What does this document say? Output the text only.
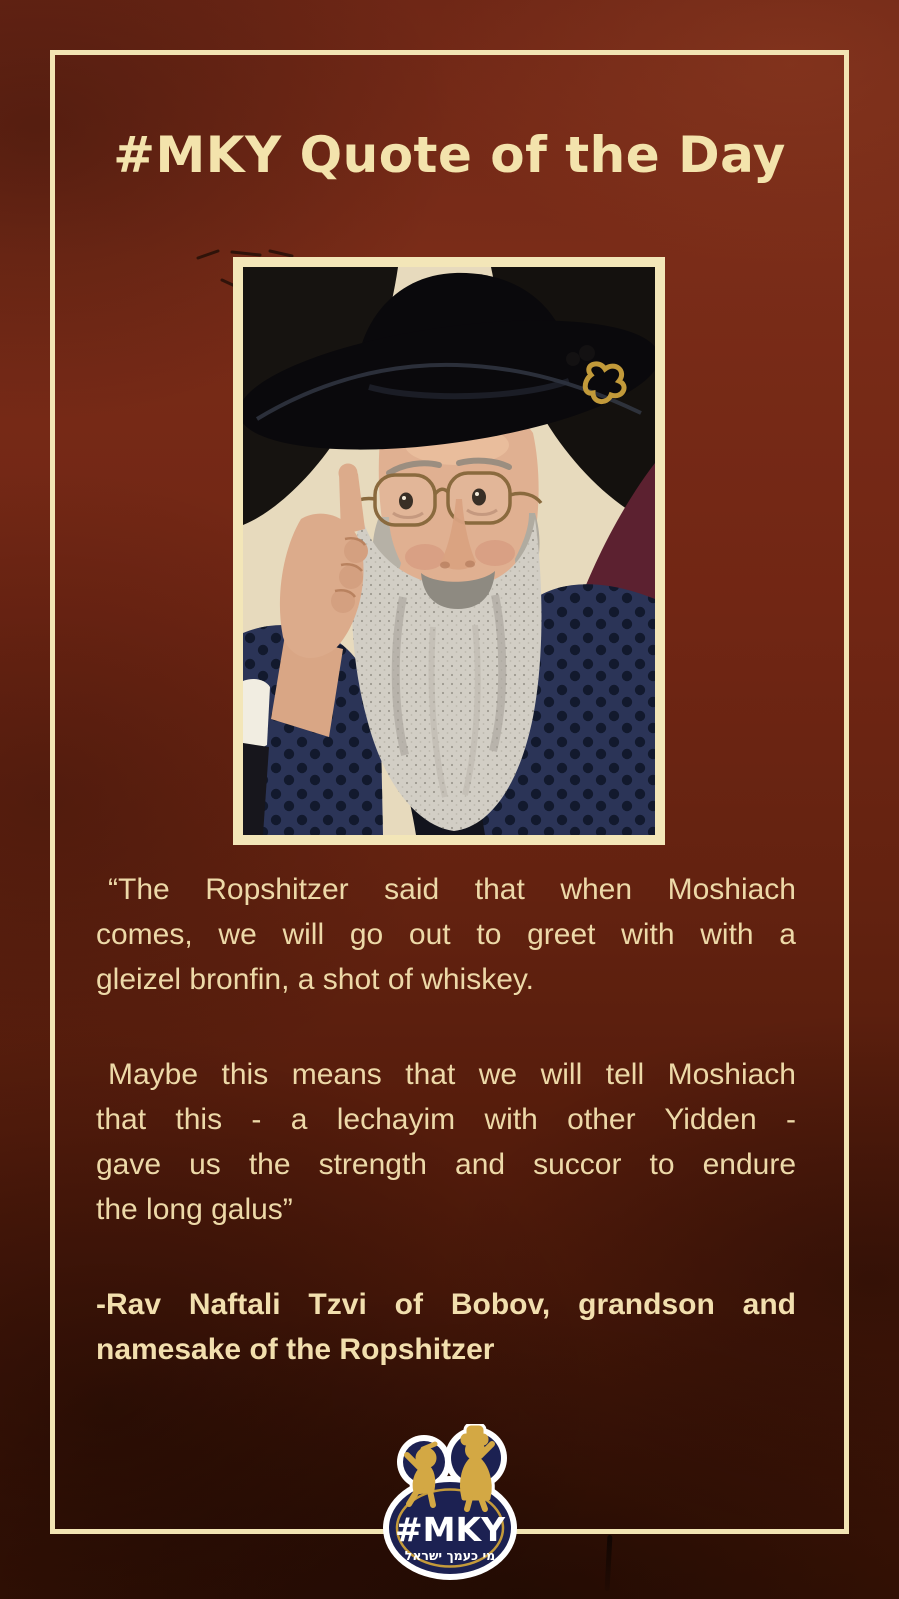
#MKY Quote of the Day

“The Ropshitzer said that when Moshiach

comes, we will go out to greet with with a

gleizel bronfin, a shot of whiskey.

Maybe this means that we will tell Moshiach

that this - a lechayim with other Yidden -

gave us the strength and succor to endure

the long galus”

-Rav Naftali Tzvi of Bobov, grandson and

namesake of the Ropshitzer

#MKY
מי כעמך ישראל
